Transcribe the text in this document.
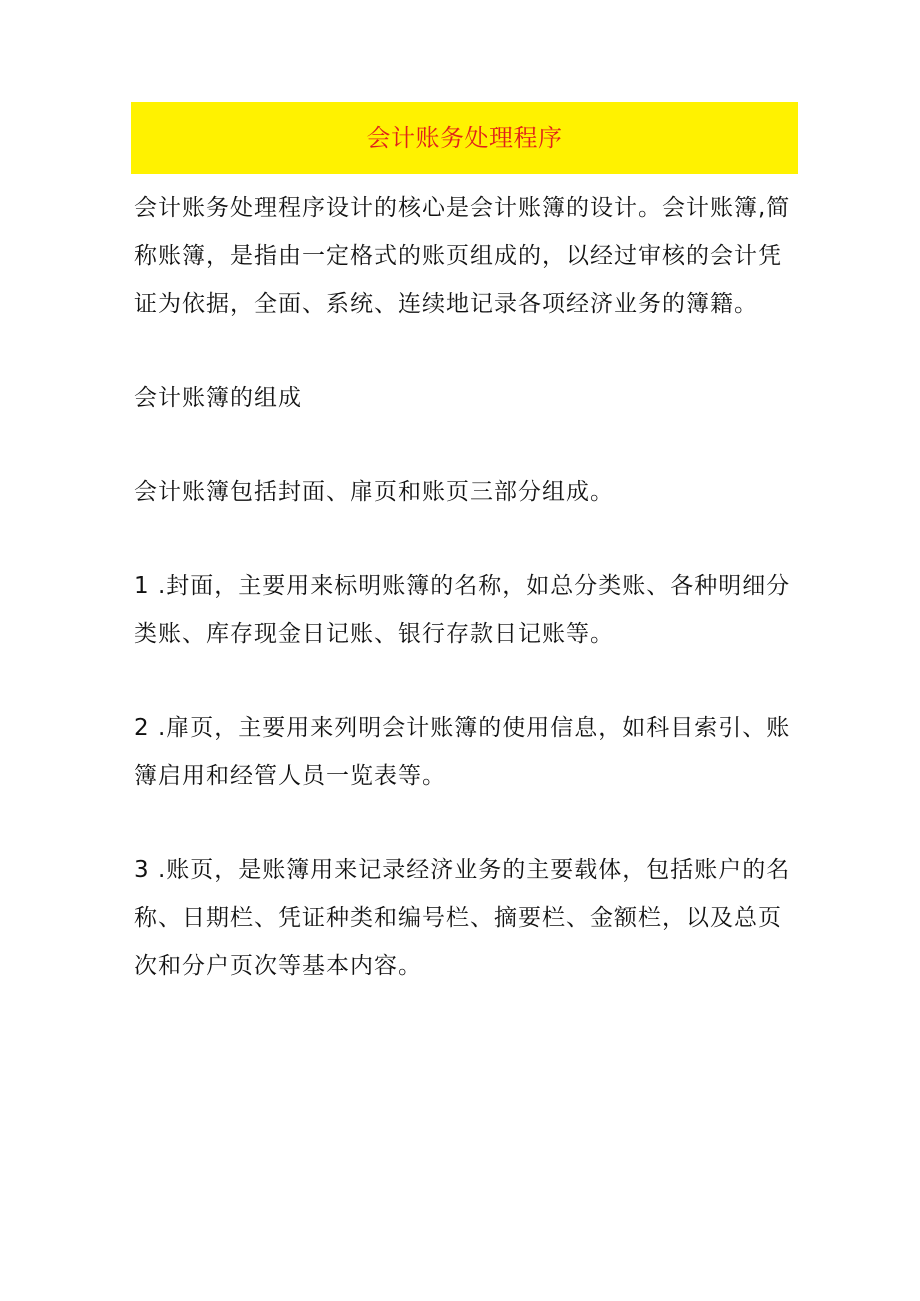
会计账务处理程序

会计账务处理程序设计的核心是会计账簿的设计。会计账簿,简称账簿，是指由一定格式的账页组成的，以经过审核的会计凭证为依据，全面、系统、连续地记录各项经济业务的簿籍。

会计账簿的组成

会计账簿包括封面、扉页和账页三部分组成。

1 .封面，主要用来标明账簿的名称，如总分类账、各种明细分类账、库存现金日记账、银行存款日记账等。

2 .扉页，主要用来列明会计账簿的使用信息，如科目索引、账簿启用和经管人员一览表等。

3 .账页，是账簿用来记录经济业务的主要载体，包括账户的名称、日期栏、凭证种类和编号栏、摘要栏、金额栏，以及总页次和分户页次等基本内容。
